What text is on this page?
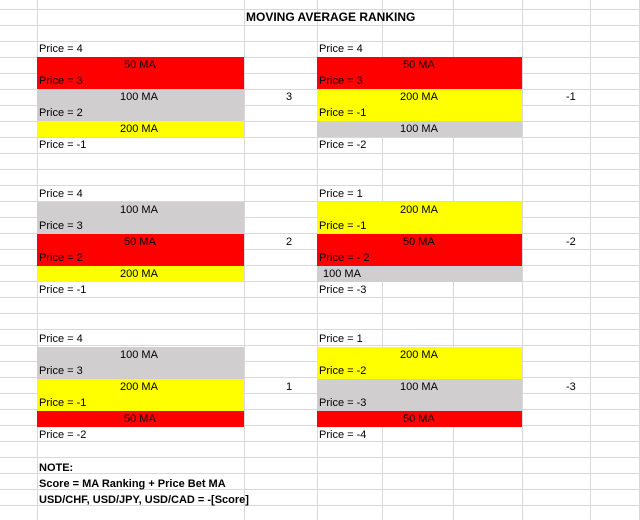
MOVING AVERAGE RANKING
Price = 4
50 MA
Price = 3
100 MA
Price = 2
200 MA
Price = -1
3
Price = 4
50 MA
Price = 3
200 MA
Price = -1
100 MA
Price = -2
-1
Price = 4
100 MA
Price = 3
50 MA
Price = 2
200 MA
Price = -1
2
Price = 1
200 MA
Price = -1
50 MA
Price = - 2
100 MA
Price = -3
-2
Price = 4
100 MA
Price = 3
200 MA
Price = -1
50 MA
Price = -2
1
Price = 1
200 MA
Price = -2
100 MA
Price = -3
50 MA
Price = -4
-3
NOTE:
Score = MA Ranking + Price Bet MA
USD/CHF, USD/JPY, USD/CAD = -[Score]
